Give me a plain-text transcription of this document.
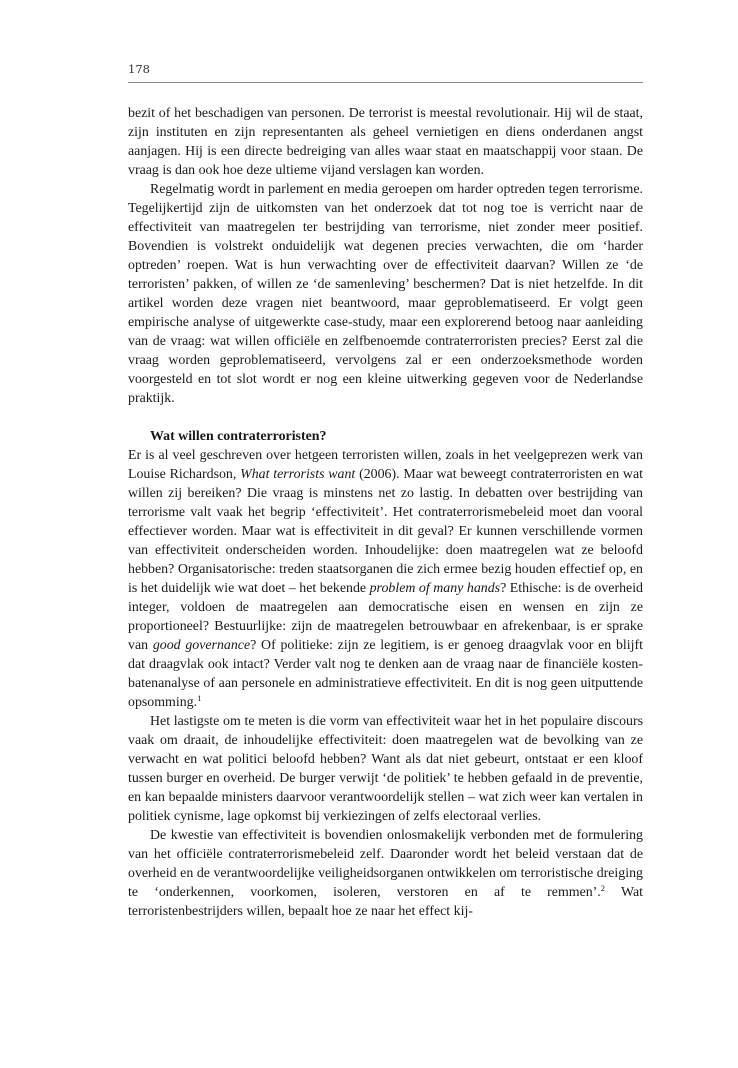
178

bezit of het beschadigen van personen. De terrorist is meestal revolutionair. Hij wil de staat, zijn instituten en zijn representanten als geheel vernietigen en diens onderdanen angst aanjagen. Hij is een directe bedreiging van alles waar staat en maatschappij voor staan. De vraag is dan ook hoe deze ultieme vijand verslagen kan worden.

Regelmatig wordt in parlement en media geroepen om harder optreden tegen terrorisme. Tegelijkertijd zijn de uitkomsten van het onderzoek dat tot nog toe is verricht naar de effectiviteit van maatregelen ter bestrijding van terrorisme, niet zonder meer positief. Bovendien is volstrekt onduidelijk wat degenen precies verwachten, die om ‘harder optreden’ roepen. Wat is hun verwachting over de effectiviteit daarvan? Willen ze ‘de terroristen’ pakken, of willen ze ‘de samenleving’ beschermen? Dat is niet hetzelfde. In dit artikel worden deze vragen niet beantwoord, maar geproblematiseerd. Er volgt geen empirische analyse of uitgewerkte case-study, maar een explorerend betoog naar aanleiding van de vraag: wat willen officiële en zelfbenoemde contraterroristen precies? Eerst zal die vraag worden geproblematiseerd, vervolgens zal er een onderzoeksmethode worden voorgesteld en tot slot wordt er nog een kleine uitwerking gegeven voor de Nederlandse praktijk.

Wat willen contraterroristen?

Er is al veel geschreven over hetgeen terroristen willen, zoals in het veelgeprezen werk van Louise Richardson, What terrorists want (2006). Maar wat beweegt contraterroristen en wat willen zij bereiken? Die vraag is minstens net zo lastig. In debatten over bestrijding van terrorisme valt vaak het begrip ‘effectiviteit’. Het contraterrorismebeleid moet dan vooral effectiever worden. Maar wat is effectiviteit in dit geval? Er kunnen verschillende vormen van effectiviteit onderscheiden worden. Inhoudelijke: doen maatregelen wat ze beloofd hebben? Organisatorische: treden staatsorganen die zich ermee bezig houden effectief op, en is het duidelijk wie wat doet – het bekende problem of many hands? Ethische: is de overheid integer, voldoen de maatregelen aan democratische eisen en wensen en zijn ze proportioneel? Bestuurlijke: zijn de maatregelen betrouwbaar en afrekenbaar, is er sprake van good governance? Of politieke: zijn ze legitiem, is er genoeg draagvlak voor en blijft dat draagvlak ook intact? Verder valt nog te denken aan de vraag naar de financiële kosten-batenanalyse of aan personele en administratieve effectiviteit. En dit is nog geen uitputtende opsomming.$^1$

Het lastigste om te meten is die vorm van effectiviteit waar het in het populaire discours vaak om draait, de inhoudelijke effectiviteit: doen maatregelen wat de bevolking van ze verwacht en wat politici beloofd hebben? Want als dat niet gebeurt, ontstaat er een kloof tussen burger en overheid. De burger verwijt ‘de politiek’ te hebben gefaald in de preventie, en kan bepaalde ministers daarvoor verantwoordelijk stellen – wat zich weer kan vertalen in politiek cynisme, lage opkomst bij verkiezingen of zelfs electoraal verlies.

De kwestie van effectiviteit is bovendien onlosmakelijk verbonden met de formulering van het officiële contraterrorismebeleid zelf. Daaronder wordt het beleid verstaan dat de overheid en de verantwoordelijke veiligheidsorganen ontwikkelen om terroristische dreiging te ‘onderkennen, voorkomen, isoleren, verstoren en af te remmen’.$^2$ Wat terroristenbestrijders willen, bepaalt hoe ze naar het effect kij-
